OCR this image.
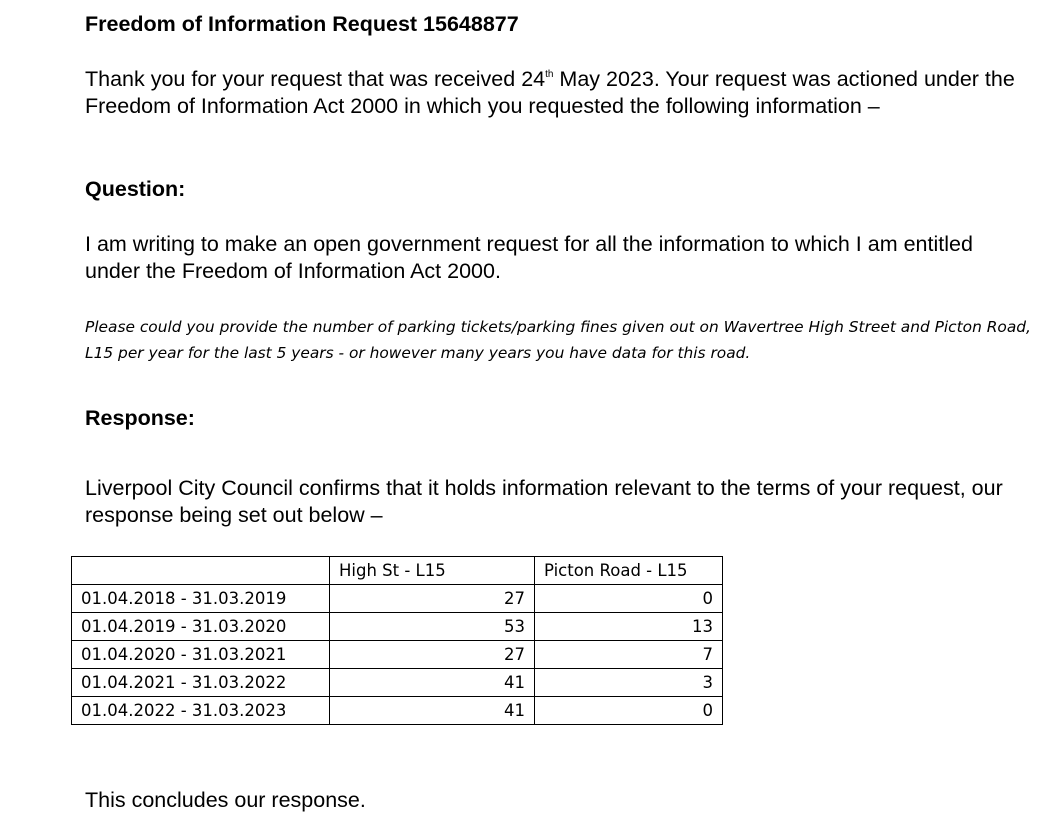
Freedom of Information Request 15648877

Thank you for your request that was received 24th May 2023. Your request was actioned under the Freedom of Information Act 2000 in which you requested the following information –

Question:

I am writing to make an open government request for all the information to which I am entitled under the Freedom of Information Act 2000.

Please could you provide the number of parking tickets/parking fines given out on Wavertree High Street and Picton Road, L15 per year for the last 5 years - or however many years you have data for this road.

Response:

Liverpool City Council confirms that it holds information relevant to the terms of your request, our response being set out below –

	High St - L15	Picton Road - L15
01.04.2018 - 31.03.2019	27	0
01.04.2019 - 31.03.2020	53	13
01.04.2020 - 31.03.2021	27	7
01.04.2021 - 31.03.2022	41	3
01.04.2022 - 31.03.2023	41	0

This concludes our response.
